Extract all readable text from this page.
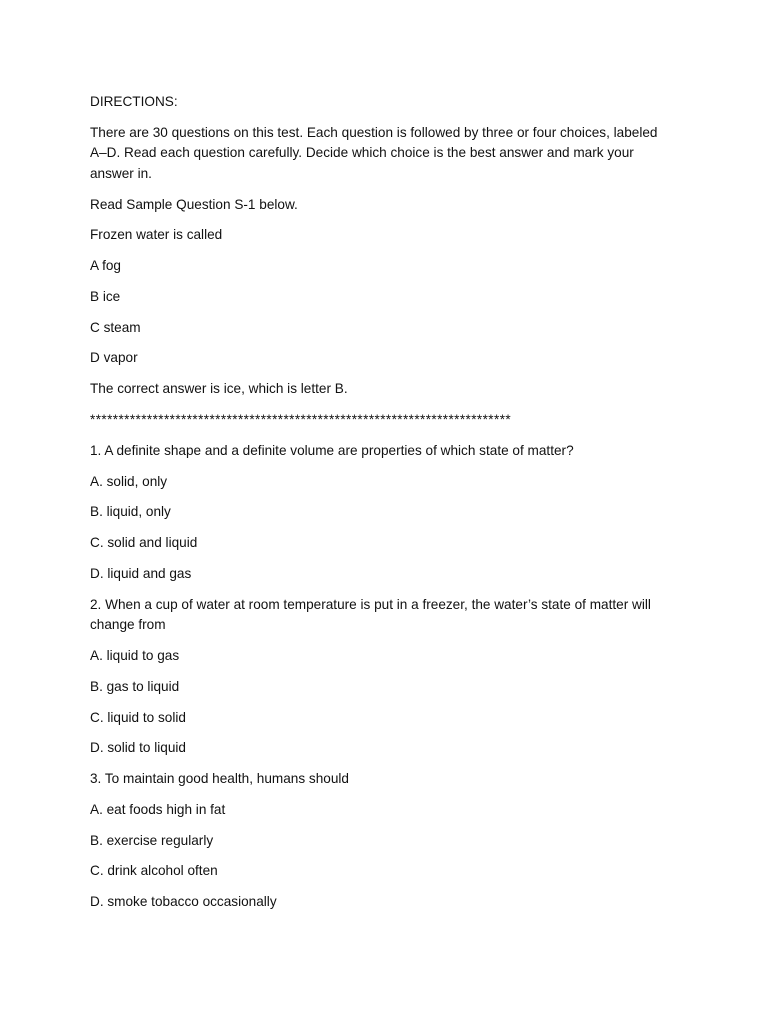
DIRECTIONS:
There are 30 questions on this test. Each question is followed by three or four choices, labeled
A–D. Read each question carefully. Decide which choice is the best answer and mark your
answer in.
Read Sample Question S-1 below.
Frozen water is called
A fog
B ice
C steam
D vapor
The correct answer is ice, which is letter B.
**************************************************************************
1. A definite shape and a definite volume are properties of which state of matter?
A. solid, only
B. liquid, only
C. solid and liquid
D. liquid and gas
2. When a cup of water at room temperature is put in a freezer, the water’s state of matter will
change from
A. liquid to gas
B. gas to liquid
C. liquid to solid
D. solid to liquid
3. To maintain good health, humans should
A. eat foods high in fat
B. exercise regularly
C. drink alcohol often
D. smoke tobacco occasionally
